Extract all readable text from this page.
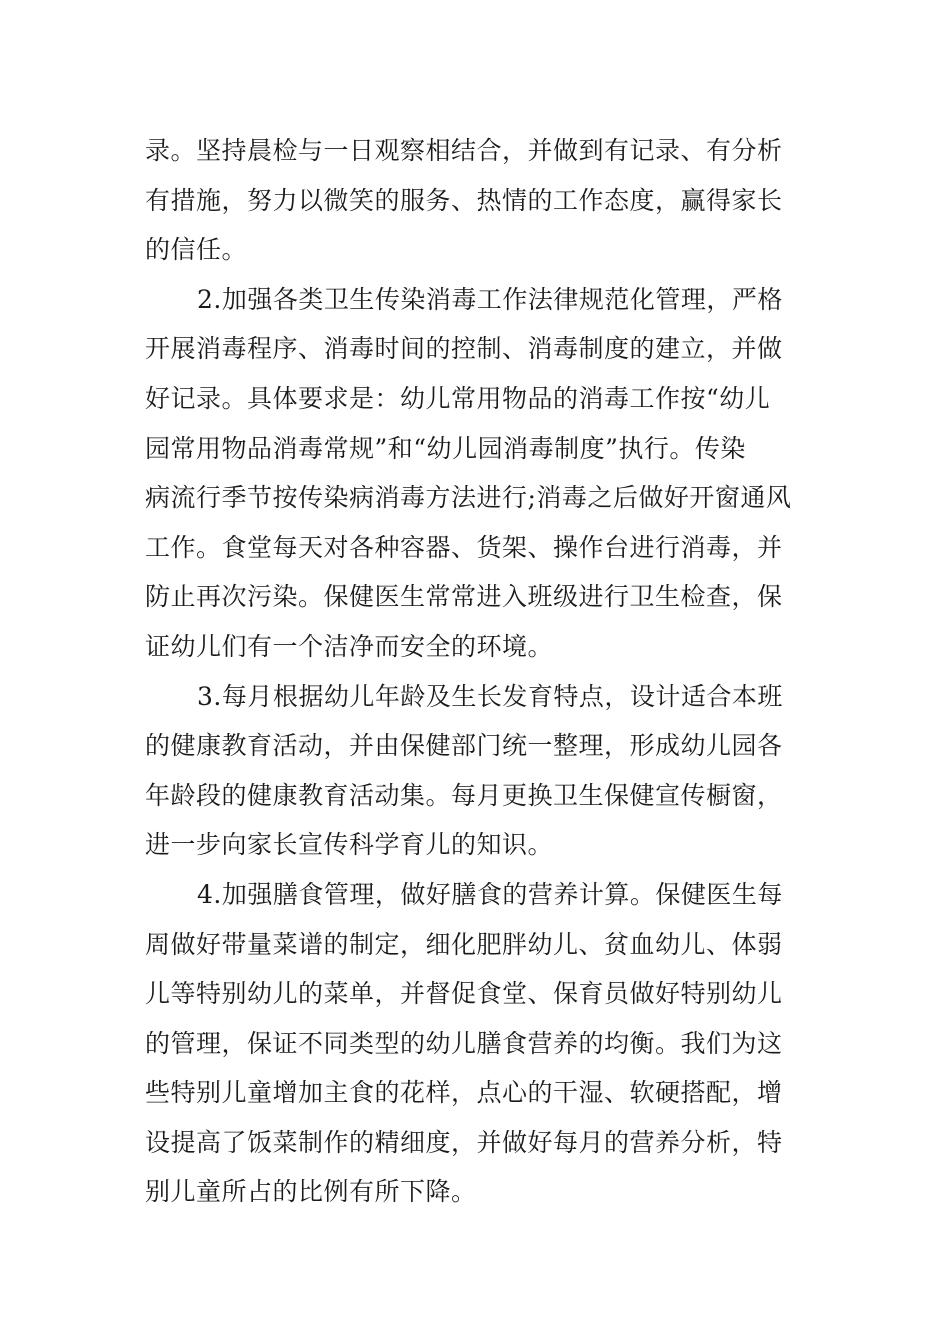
录。坚持晨检与一日观察相结合，并做到有记录、有分析
有措施，努力以微笑的服务、热情的工作态度，赢得家长
的信任。
2.加强各类卫生传染消毒工作法律规范化管理，严格
开展消毒程序、消毒时间的控制、消毒制度的建立，并做
好记录。具体要求是：幼儿常用物品的消毒工作按“幼儿
园常用物品消毒常规”和“幼儿园消毒制度”执行。传染
病流行季节按传染病消毒方法进行;消毒之后做好开窗通风
工作。食堂每天对各种容器、货架、操作台进行消毒，并
防止再次污染。保健医生常常进入班级进行卫生检查，保
证幼儿们有一个洁净而安全的环境。
3.每月根据幼儿年龄及生长发育特点，设计适合本班
的健康教育活动，并由保健部门统一整理，形成幼儿园各
年龄段的健康教育活动集。每月更换卫生保健宣传橱窗，
进一步向家长宣传科学育儿的知识。
4.加强膳食管理，做好膳食的营养计算。保健医生每
周做好带量菜谱的制定，细化肥胖幼儿、贫血幼儿、体弱
儿等特别幼儿的菜单，并督促食堂、保育员做好特别幼儿
的管理，保证不同类型的幼儿膳食营养的均衡。我们为这
些特别儿童增加主食的花样，点心的干湿、软硬搭配，增
设提高了饭菜制作的精细度，并做好每月的营养分析，特
别儿童所占的比例有所下降。
